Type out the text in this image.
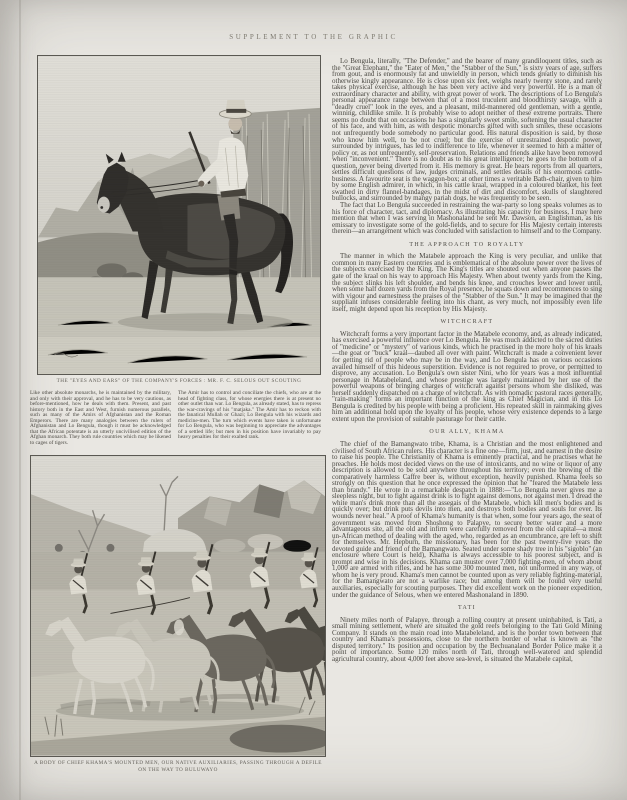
SUPPLEMENT TO THE GRAPHIC
THE "EYES AND EARS" OF THE COMPANY'S FORCES : MR. F. C. SELOUS OUT SCOUTING

Like other absolute monarchs, he is maintained by the military, and only with their approval, and he has to be very cautious, as before-mentioned, how he deals with them. Present, and past history both in the East and West, furnish numerous parallels, such as many of the Amirs of Afghanistan and the Roman Emperors. There are many analogies between the rulers of Afghanistan and Lo Bengula, though it must be acknowledged that the African potentate is an utterly uncivilised edition of the Afghan monarch. They both rule countries which may be likened to cages of tigers.

The Amir has to control and conciliate the chiefs, who are at the head of fighting class, for whose energies there is at present no other outlet than war. Lo Bengula, as already stated, has to repress the war-cravings of his "matjaka." The Amir has to reckon with the fanatical Mullah or Ghazi; Lo Bengula with his wizards and medicine-men. The turn which events have taken is unfortunate for Lo Bengula, who was beginning to appreciate the advantages of a settled life; but men in his position have invariably to pay heavy penalties for their exalted rank.

A BODY OF CHIEF KHAMA'S MOUNTED MEN, OUR NATIVE AUXILIARIES, PASSING THROUGH A DEFILE
ON THE WAY TO BULUWAYO

Lo Bengula, literally, "The Defender," and the bearer of many grandiloquent titles, such as the "Great Elephant," the "Eater of Men," the "Stabber of the Sun," is sixty years of age, suffers from gout, and is enormously fat and unwieldly in person, which tends greatly to diminish his otherwise kingly appearance. He is close upon six feet, weighs nearly twenty stone, and rarely takes physical exercise, although he has been very active and very powerful. He is a man of extraordinary character and ability, with great power of work. The descriptions of Lo Bengula's personal appearance range between that of a most truculent and bloodthirsty savage, with a "deadly cruel" look in the eyes, and a pleasant, mild-mannered old gentleman, with a gentle, winning, childlike smile. It is probably wise to adopt neither of these extreme portraits. There seems no doubt that on occasions he has a singularly sweet smile, softening the usual character of his face, and with him, as with despotic monarchs gifted with such smiles, these occasions not unfrequently bode somebody no particular good. His natural disposition is said, by those who know him well, to be not cruel; but the exercise of unrestrained despotic power, surrounded by intrigues, has led to indifference to life, whenever it seemed to him a matter of policy or, as not unfrequently, self-preservation. Relations and friends alike have been removed when "inconvenient." There is no doubt as to his great intelligence; he goes to the bottom of a question, never being diverted from it. His memory is great. He hears reports from all quarters, settles difficult questions of law, judges criminals, and settles details of his enormous cattle-business. A favourite seat is the waggon-box; at other times a veritable Bath-chair, given to him by some English admirer, in which, in his cattle kraal, wrapped in a coloured blanket, his feet swathed in dirty flannel-bandages, in the midst of dirt and discomfort, skulls of slaughtered bullocks, and surrounded by mangy pariah dogs, he was frequently to be seen.

The fact that Lo Bengula succeeded in restraining the war-party so long speaks volumes as to his force of character, tact, and diplomacy. As illustrating his capacity for business, I may here mention that when I was serving in Mashonaland he sent Mr. Dawson, an Englishman, as his emissary to investigate some of the gold-fields, and to secure for His Majesty certain interests therein—an arrangement which was concluded with satisfaction to himself and to the Company.

THE APPROACH TO ROYALTY

The manner in which the Matabele approach the King is very peculiar, and unlike that common in many Eastern countries and is emblematical of the absolute power over the lives of the subjects exercised by the King. The King's titles are shouted out when anyone passes the gate of the kraal on his way to approach His Majesty. When about twenty yards from the King, the subject slinks his left shoulder, and bends his knee, and crouches lower and lower until, when some half dozen yards from the Royal presence, he squats down and recommences to sing with vigour and earnestness the praises of the "Stabber of the Sun." It may be imagined that the suppliant infuses considerable feeling into his chant, as very much, not impossibly even life itself, might depend upon his reception by His Majesty.

WITCHCRAFT

Witchcraft forms a very important factor in the Matabele economy, and, as already indicated, has exercised a powerful influence over Lo Bengula. He was much addicted to the sacred duties of "medicine" or "mystery" of various kinds, which he practised in the more holy of his kraals—the goat or "buck" kraal—daubed all over with paint. Witchcraft is made a convenient lever for getting rid of people who may be in the way, and Lo Bengula has on various occasions availed himself of this hideous superstition. Evidence is not required to prove, or permitted to disprove, any accusation. Lo Bengula's own sister Nini, who for years was a most influential personage in Matabeleland, and whose prestige was largely maintained by her use of the powerful weapons of bringing charges of witchcraft against persons whom she disliked, was herself suddenly dispatched on a charge of witchcraft. As with nomadic pastoral races generally, "rain-making" forms an important function of the king as Chief Magician, and in this Lo Bengula is credited by his people with being a proficient. His repeated skill in rainmaking gives him an additional hold upon the loyalty of his people, whose very existence depends to a large extent upon the provision of suitable pasturage for their cattle.

OUR ALLY, KHAMA

The chief of the Bamangwato tribe, Khama, is a Christian and the most enlightened and civilised of South African rulers. His character is a fine one—firm, just, and earnest in the desire to raise his people. The Christianity of Khama is eminently practical, and he practises what he preaches. He holds most decided views on the use of intoxicants, and no wine or liquor of any description is allowed to be sold anywhere throughout his territory; even the brewing of the comparatively harmless Caffre beer is, without exception, heavily punished. Khama feels so strongly on this question that he once expressed the opinion that he "feared the Matabele less than brandy." He wrote in a remarkable despatch in 1888:—"Lo Bengula never gives me a sleepless night, but to fight against drink is to fight against demons, not against men. I dread the white man's drink more than all the assegais of the Matabele, which kill men's bodies and is quickly over; but drink puts devils into men, and destroys both bodies and souls for ever. Its wounds never heal." A proof of Khama's humanity is that when, some four years ago, the seat of government was moved from Shoshong to Palapye, to secure better water and a more advantageous site, all the old and infirm were carefully removed from the old capital—a most un-African method of dealing with the aged, who, regarded as an encumbrance, are left to shift for themselves. Mr. Hepburn, the missionary, has been for the past twenty-five years the devoted guide and friend of the Bamangwato. Seated under some shady tree in his "sigoblo" (an enclosure where Court is held), Khama is always accessible to his poorest subject, and is prompt and wise in his decisions. Khama can muster over 7,000 fighting-men, of whom about 1,000 are armed with rifles, and he has some 300 mounted men, not uniformed in any way, of whom he is very proud. Khama's men cannot be counted upon as very reliable fighting-material, for the Bamangwato are not a warlike race; but among them will be found very useful auxiliaries, especially for scouting purposes. They did excellent work on the pioneer expedition, under the guidance of Selous, when we entered Mashonaland in 1890.

TATI

Ninety miles north of Palapye, through a rolling country at present uninhabited, is Tati, a small mining settlement, where are situated the gold reefs belonging to the Tati Gold Mining Company. It stands on the main road into Matabeleland, and is the border town between that country and Khama's possessions, close to the northern border of what is known as "the disputed territory." Its position and occupation by the Bechuanaland Border Police make it a point of importance. Some 120 miles north of Tati, through well-watered and splendid agricultural country, about 4,000 feet above sea-level, is situated the Matabele capital,
